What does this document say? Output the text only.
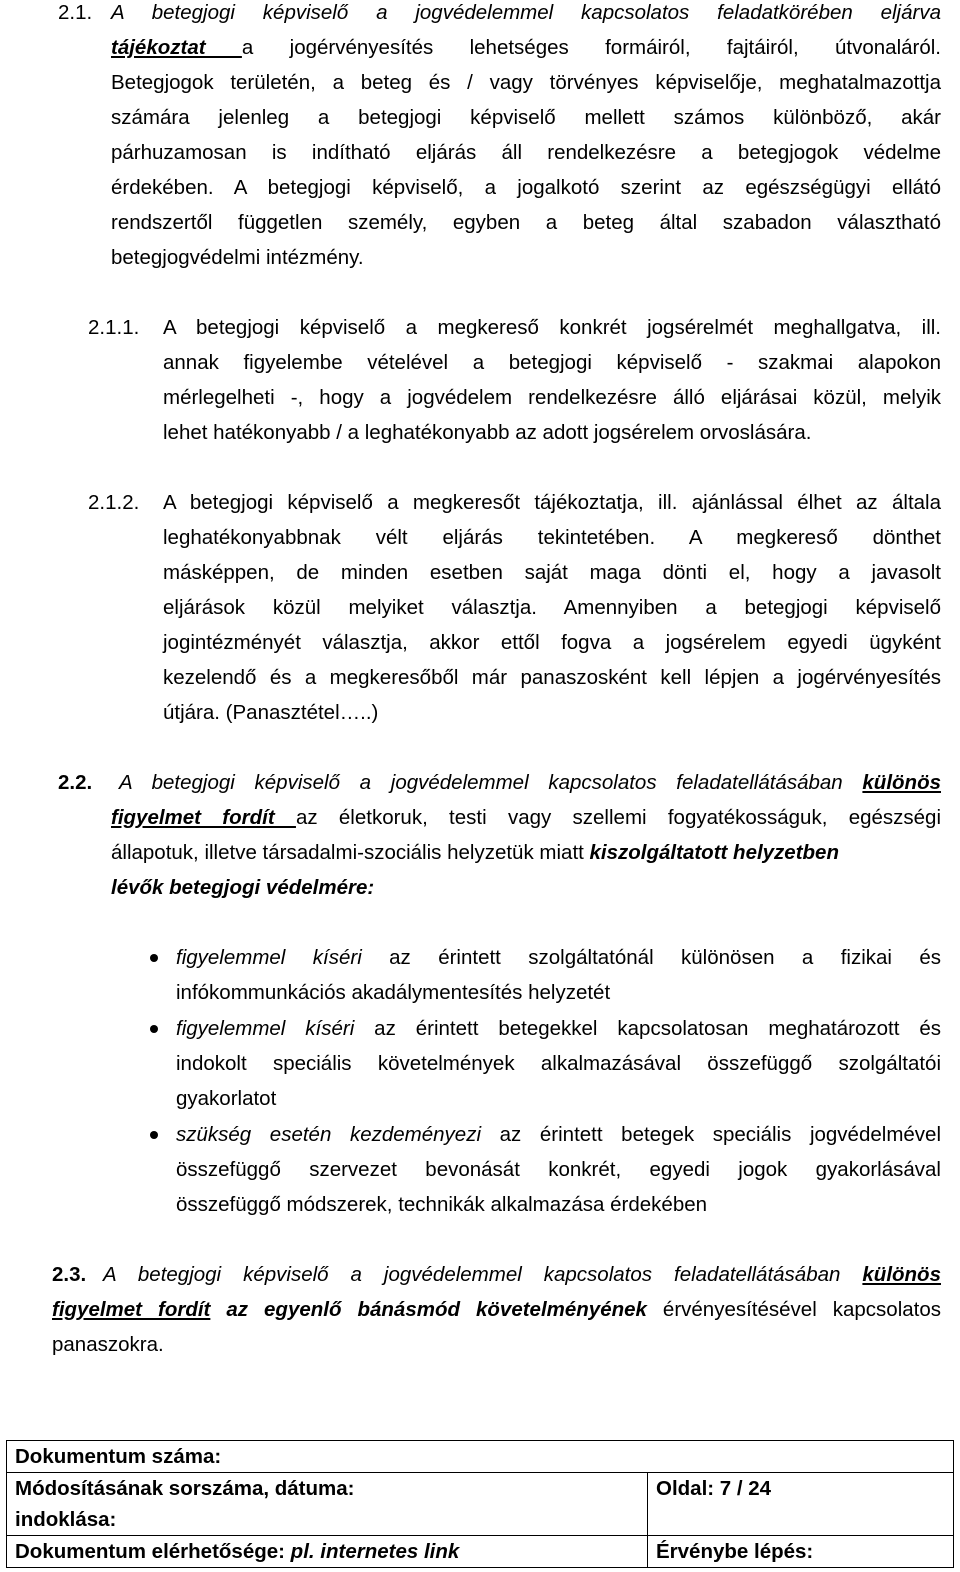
2.1. A betegjogi képviselő a jogvédelemmel kapcsolatos feladatkörében eljárva
tájékoztat a jogérvényesítés lehetséges formáiról, fajtáiról, útvonaláról.
Betegjogok területén, a beteg és / vagy törvényes képviselője, meghatalmazottja
számára jelenleg a betegjogi képviselő mellett számos különböző, akár
párhuzamosan is indítható eljárás áll rendelkezésre a betegjogok védelme
érdekében. A betegjogi képviselő, a jogalkotó szerint az egészségügyi ellátó
rendszertől független személy, egyben a beteg által szabadon választható
betegjogvédelmi intézmény.
2.1.1. A betegjogi képviselő a megkereső konkrét jogsérelmét meghallgatva, ill.
annak figyelembe vételével a betegjogi képviselő - szakmai alapokon
mérlegelheti -, hogy a jogvédelem rendelkezésre álló eljárásai közül, melyik
lehet hatékonyabb / a leghatékonyabb az adott jogsérelem orvoslására.
2.1.2. A betegjogi képviselő a megkeresőt tájékoztatja, ill. ajánlással élhet az általa
leghatékonyabbnak vélt eljárás tekintetében. A megkereső dönthet
másképpen, de minden esetben saját maga dönti el, hogy a javasolt
eljárások közül melyiket választja. Amennyiben a betegjogi képviselő
jogintézményét választja, akkor ettől fogva a jogsérelem egyedi ügyként
kezelendő és a megkeresőből már panaszosként kell lépjen a jogérvényesítés
útjára. (Panasztétel…..)
2.2. A betegjogi képviselő a jogvédelemmel kapcsolatos feladatellátásában különös
figyelmet fordít az életkoruk, testi vagy szellemi fogyatékosságuk, egészségi
állapotuk, illetve társadalmi-szociális helyzetük miatt kiszolgáltatott helyzetben
lévők betegjogi védelmére:
figyelemmel kíséri az érintett szolgáltatónál különösen a fizikai és
infókommunkációs akadálymentesítés helyzetét
figyelemmel kíséri az érintett betegekkel kapcsolatosan meghatározott és
indokolt speciális követelmények alkalmazásával összefüggő szolgáltatói
gyakorlatot
szükség esetén kezdeményezi az érintett betegek speciális jogvédelmével
összefüggő szervezet bevonását konkrét, egyedi jogok gyakorlásával
összefüggő módszerek, technikák alkalmazása érdekében
2.3. A betegjogi képviselő a jogvédelemmel kapcsolatos feladatellátásában különös
figyelmet fordít az egyenlő bánásmód követelményének érvényesítésével kapcsolatos
panaszokra.
Dokumentum száma:	

Módosításának sorszáma, dátuma:
indoklása:	Oldal: 7 / 24
Dokumentum elérhetősége: pl. internetes link	Érvénybe lépés:
